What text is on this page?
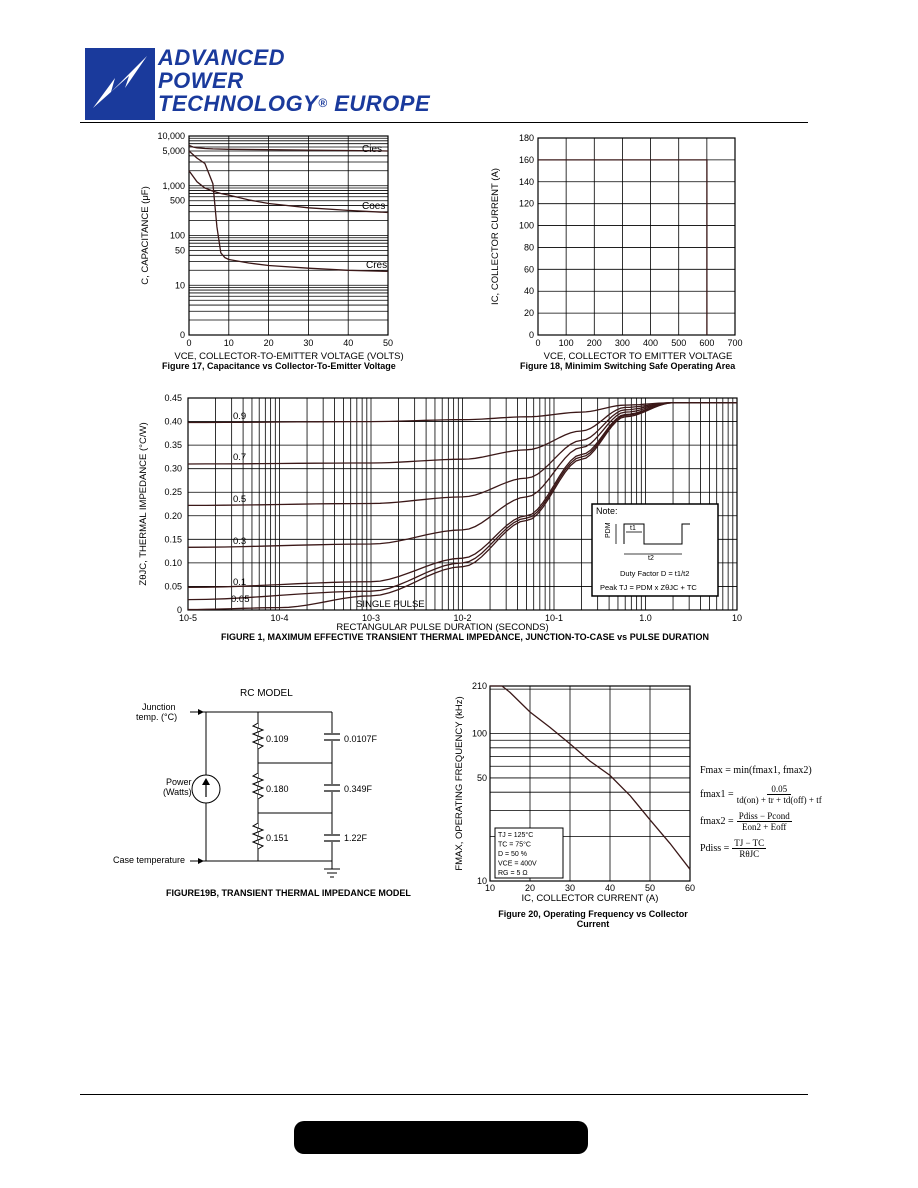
ADVANCED
POWER
TECHNOLOGY® EUROPE
10,000
5,000
1,000
500
100
50
10
0
0	10	20	30	40	50
VCE, COLLECTOR-TO-EMITTER VOLTAGE (VOLTS)
C, CAPACITANCE (μF)
Cies
Coes
Cres
Figure 17, Capacitance vs Collector-To-Emitter Voltage
0
20
40
60
80
100
120
140
160
180
0 100 200 300 400 500 600 700
VCE, COLLECTOR TO EMITTER VOLTAGE
IC, COLLECTOR CURRENT (A)
Figure 18, Minimim Switching Safe Operating Area
0
0.05
0.10
0.15
0.20
0.25
0.30
0.35
0.40
0.45
10-5	10-4	10-3	10-2	10-1	1.0	10
RECTANGULAR PULSE DURATION (SECONDS)
ZθJC, THERMAL IMPEDANCE (°C/W)
0.9
0.7
0.5
0.3
0.1
0.05	SINGLE PULSE
Note:
PDM	t1
t2
Duty Factor D = t1/t2
Peak TJ = PDM x ZθJC + TC
FIGURE 1, MAXIMUM EFFECTIVE TRANSIENT THERMAL IMPEDANCE, JUNCTION-TO-CASE vs PULSE DURATION
RC MODEL
Junction
temp. (°C)
Power
(Watts)
Case temperature
0.109
0.180
0.151
0.0107F
0.349F
1.22F
FIGURE19B, TRANSIENT THERMAL IMPEDANCE MODEL
210
100
50
10
10	20	30	40	50	60
IC, COLLECTOR CURRENT (A)
FMAX, OPERATING FREQUENCY (kHz)	TJ = 125°C
TC = 75°C
D = 50 %
VCE = 400V
RG = 5 Ω
Figure 20, Operating Frequency vs Collector Current
Fmax = min(fmax1, fmax2)
fmax1 =	0.05
td(on) + tr + td(off) + tf
fmax2 = Pdiss − Pcond
Eon2 + Eoff
Pdiss = TJ − TC
RθJC
